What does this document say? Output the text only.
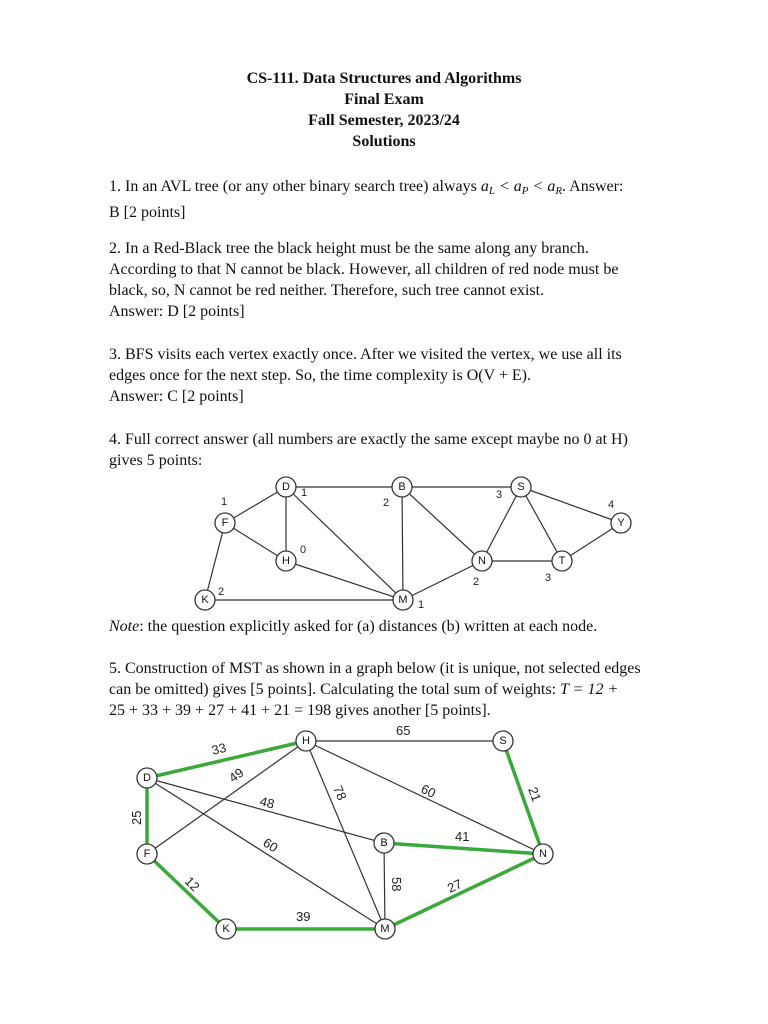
CS-111. Data Structures and Algorithms
Final Exam
Fall Semester, 2023/24
Solutions
1. In an AVL tree (or any other binary search tree) always $a_L < a_P < a_R$. Answer:
B [2 points]
2. In a Red-Black tree the black height must be the same along any branch.
According to that N cannot be black. However, all children of red node must be
black, so, N cannot be red neither. Therefore, such tree cannot exist.
Answer: D [2 points]
3. BFS visits each vertex exactly once. After we visited the vertex, we use all its
edges once for the next step. So, the time complexity is O(V + E).
Answer: C [2 points]
4. Full correct answer (all numbers are exactly the same except maybe no 0 at H)
gives 5 points:
D	B	S
F	Y
H	N	T
K	M
1
2
3
1	4
0
2	3
2
1
Note: the question explicitly asked for (a) distances (b) written at each node.
5. Construction of MST as shown in a graph below (it is unique, not selected edges
can be omitted) gives [5 points]. Calculating the total sum of weights: T = 12 +
25 + 33 + 39 + 27 + 41 + 21 = 198 gives another [5 points].
H	S
D
B
F	N
K	M
33
65
49
48
78	60	21
25
60	41
58	27
12
39
